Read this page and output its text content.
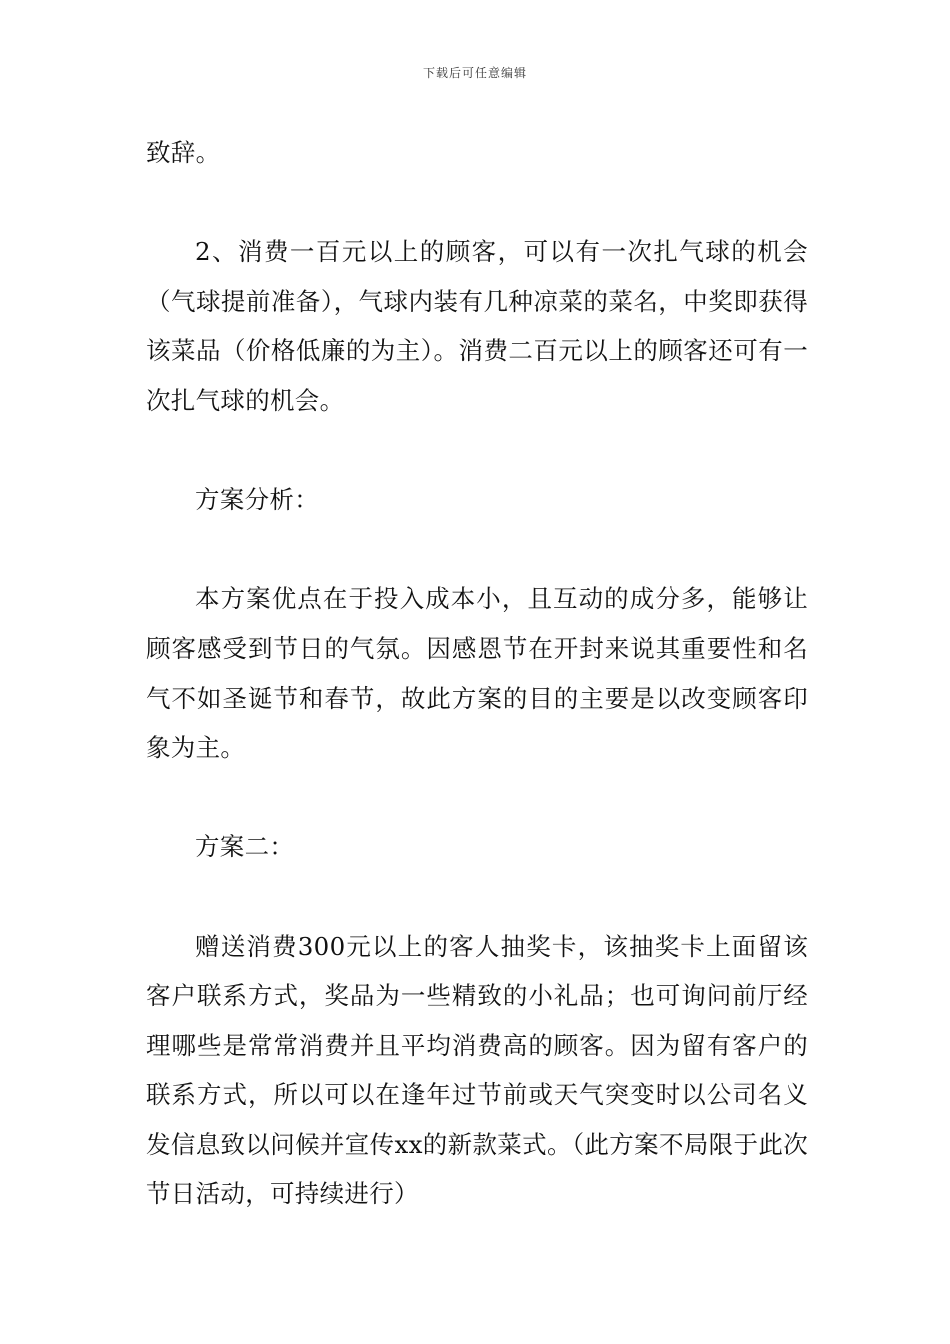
下载后可任意编辑

致辞。

2、消费一百元以上的顾客，可以有一次扎气球的机会（气球提前准备），气球内装有几种凉菜的菜名，中奖即获得该菜品（价格低廉的为主）。消费二百元以上的顾客还可有一次扎气球的机会。

方案分析：

本方案优点在于投入成本小，且互动的成分多，能够让顾客感受到节日的气氛。因感恩节在开封来说其重要性和名气不如圣诞节和春节，故此方案的目的主要是以改变顾客印象为主。

方案二：

赠送消费300元以上的客人抽奖卡，该抽奖卡上面留该客户联系方式，奖品为一些精致的小礼品；也可询问前厅经理哪些是常常消费并且平均消费高的顾客。因为留有客户的联系方式，所以可以在逢年过节前或天气突变时以公司名义发信息致以问候并宣传xx的新款菜式。（此方案不局限于此次节日活动，可持续进行）
